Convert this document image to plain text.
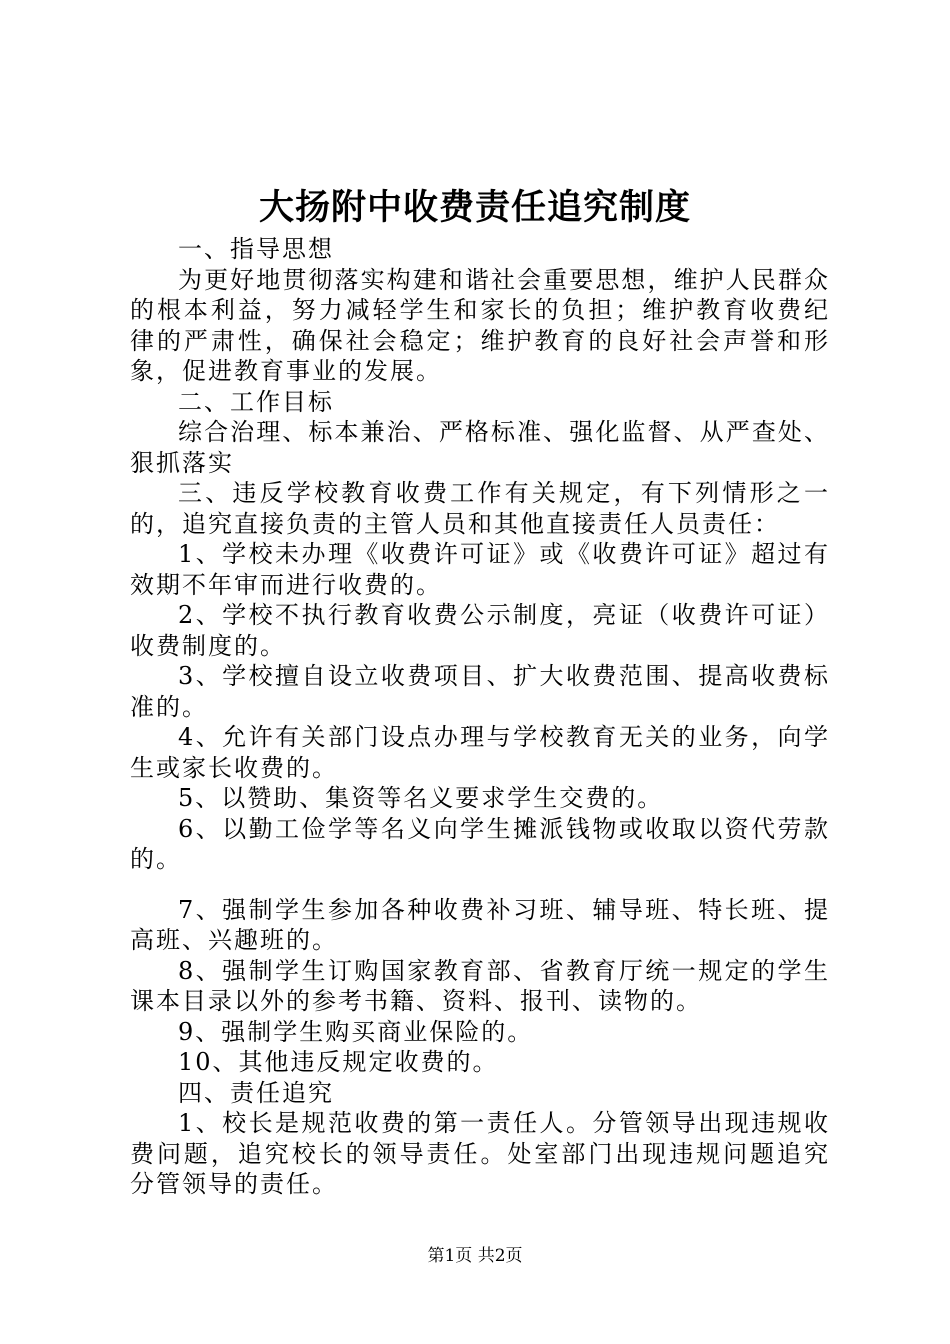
大扬附中收费责任追究制度

一、指导思想

为更好地贯彻落实构建和谐社会重要思想，维护人民群众的根本利益，努力减轻学生和家长的负担；维护教育收费纪律的严肃性，确保社会稳定；维护教育的良好社会声誉和形象，促进教育事业的发展。

二、工作目标

综合治理、标本兼治、严格标准、强化监督、从严查处、狠抓落实

三、违反学校教育收费工作有关规定，有下列情形之一的，追究直接负责的主管人员和其他直接责任人员责任：

1、学校未办理《收费许可证》或《收费许可证》超过有效期不年审而进行收费的。

2、学校不执行教育收费公示制度，亮证（收费许可证）收费制度的。

3、学校擅自设立收费项目、扩大收费范围、提高收费标准的。

4、允许有关部门设点办理与学校教育无关的业务，向学生或家长收费的。

5、以赞助、集资等名义要求学生交费的。

6、以勤工俭学等名义向学生摊派钱物或收取以资代劳款的。

7、强制学生参加各种收费补习班、辅导班、特长班、提高班、兴趣班的。

8、强制学生订购国家教育部、省教育厅统一规定的学生课本目录以外的参考书籍、资料、报刊、读物的。

9、强制学生购买商业保险的。

10、其他违反规定收费的。

四、责任追究

1、校长是规范收费的第一责任人。分管领导出现违规收费问题，追究校长的领导责任。处室部门出现违规问题追究分管领导的责任。

第1页 共2页
